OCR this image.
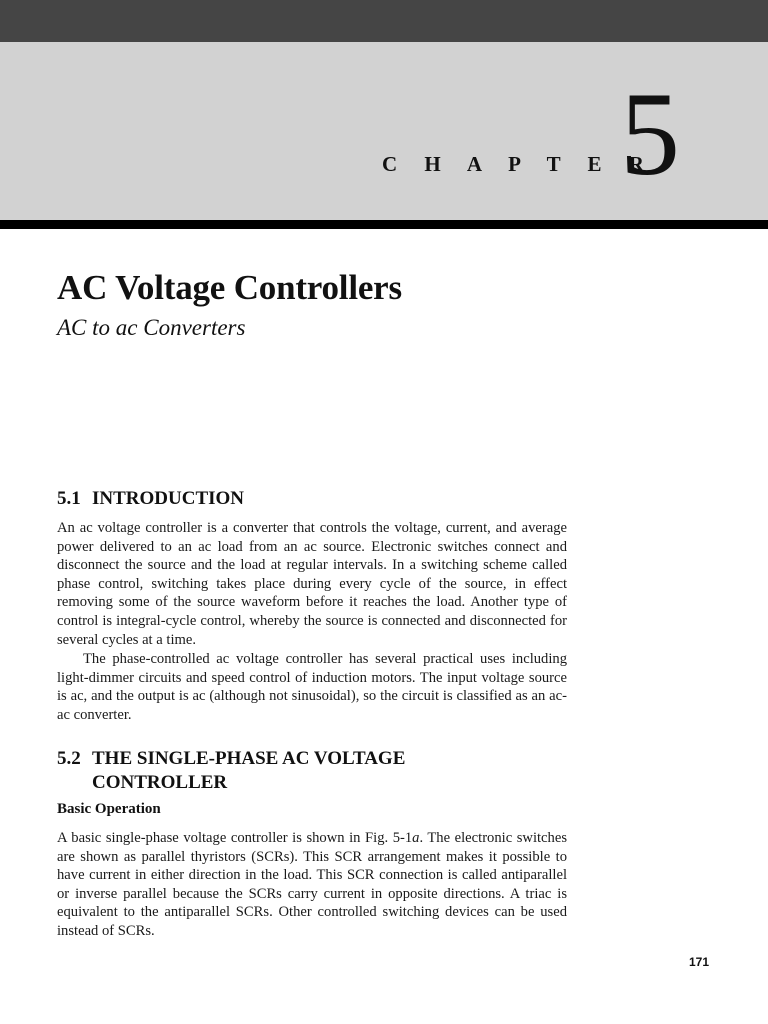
C H A P T E R
5
AC Voltage Controllers
AC to ac Converters
5.1 INTRODUCTION

An ac voltage controller is a converter that controls the voltage, current, and average power delivered to an ac load from an ac source. Electronic switches connect and disconnect the source and the load at regular intervals. In a switching scheme called phase control, switching takes place during every cycle of the source, in effect removing some of the source waveform before it reaches the load. Another type of control is integral-cycle control, whereby the source is connected and disconnected for several cycles at a time.

The phase-controlled ac voltage controller has several practical uses including light-dimmer circuits and speed control of induction motors. The input voltage source is ac, and the output is ac (although not sinusoidal), so the circuit is classified as an ac-ac converter.

5.2 THE SINGLE-PHASE AC VOLTAGE
CONTROLLER
Basic Operation

A basic single-phase voltage controller is shown in Fig. 5-1a. The electronic switches are shown as parallel thyristors (SCRs). This SCR arrangement makes it possible to have current in either direction in the load. This SCR connection is called antiparallel or inverse parallel because the SCRs carry current in opposite directions. A triac is equivalent to the antiparallel SCRs. Other controlled switching devices can be used instead of SCRs.

171
